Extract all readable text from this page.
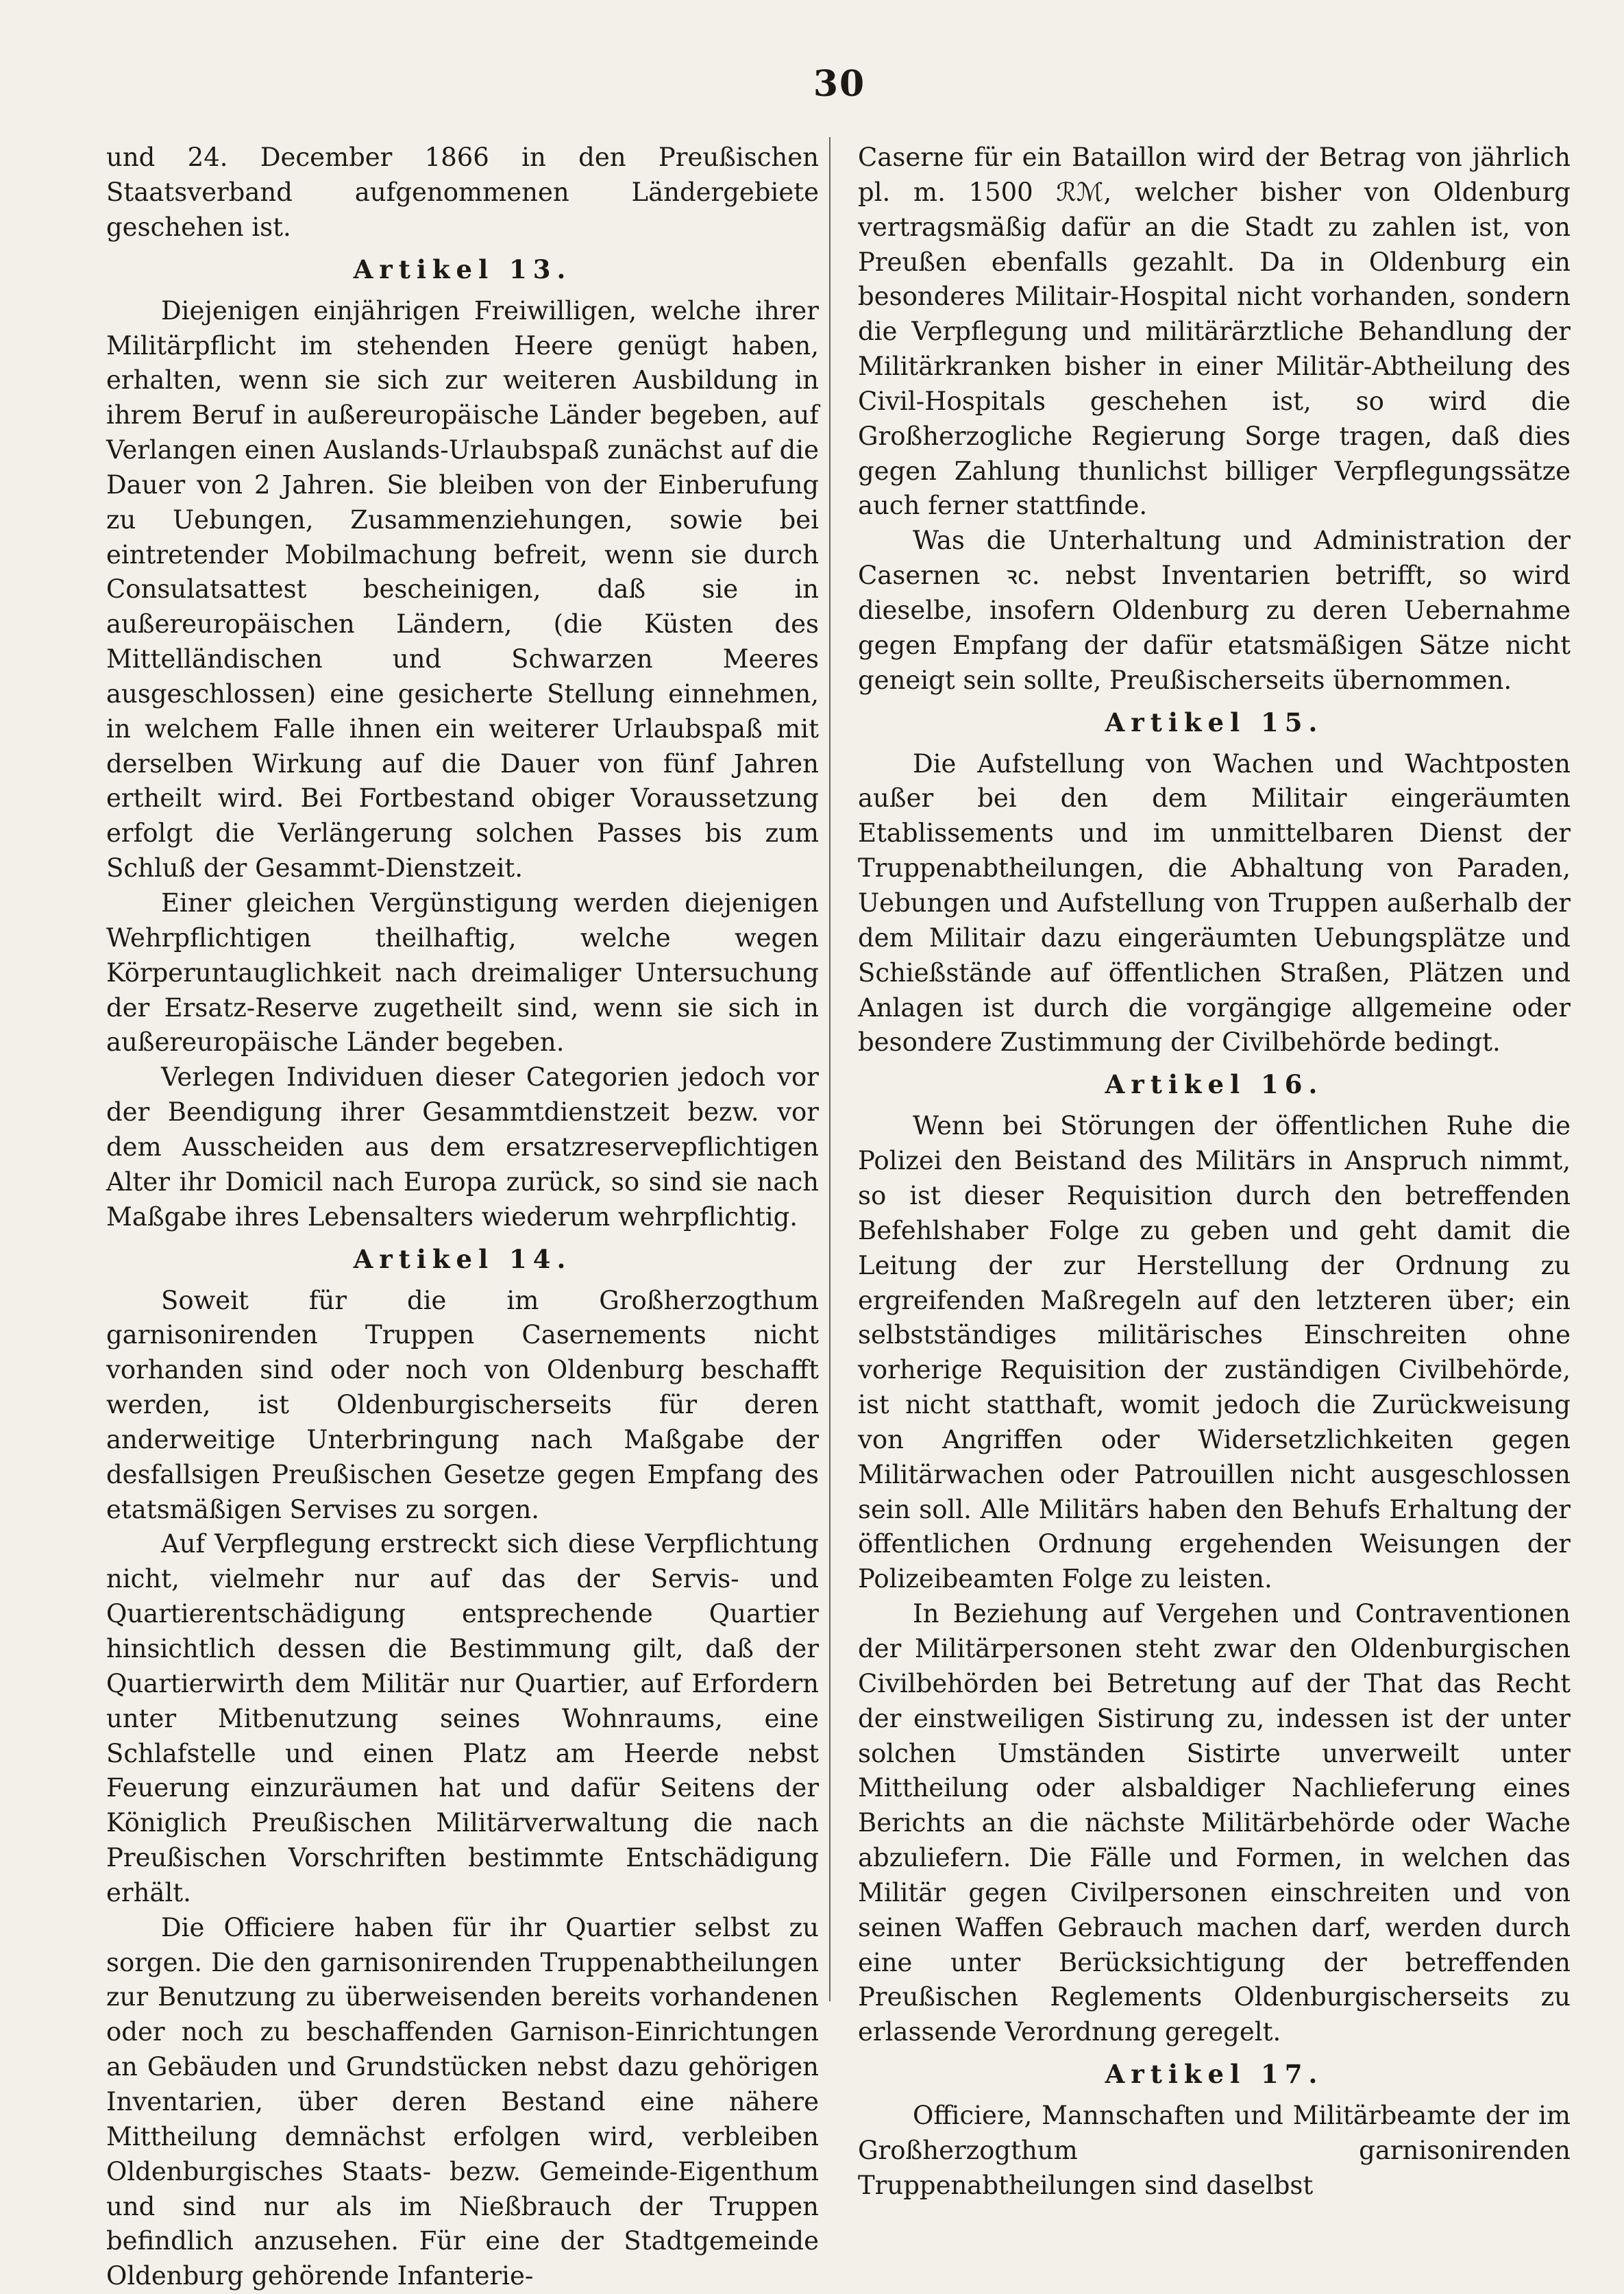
30

und 24. December 1866 in den Preußischen Staatsverband aufgenommenen Ländergebiete geschehen ist.

Artikel 13.

Diejenigen einjährigen Freiwilligen, welche ihrer Militärpflicht im stehenden Heere genügt haben, erhalten, wenn sie sich zur weiteren Ausbildung in ihrem Beruf in außereuropäische Länder begeben, auf Verlangen einen Auslands-Urlaubspaß zunächst auf die Dauer von 2 Jahren. Sie bleiben von der Einberufung zu Uebungen, Zusammenziehungen, sowie bei eintretender Mobilmachung befreit, wenn sie durch Consulatsattest bescheinigen, daß sie in außereuropäischen Ländern, (die Küsten des Mittelländischen und Schwarzen Meeres ausgeschlossen) eine gesicherte Stellung einnehmen, in welchem Falle ihnen ein weiterer Urlaubspaß mit derselben Wirkung auf die Dauer von fünf Jahren ertheilt wird. Bei Fortbestand obiger Voraussetzung erfolgt die Verlängerung solchen Passes bis zum Schluß der Gesammt-Dienstzeit.

Einer gleichen Vergünstigung werden diejenigen Wehrpflichtigen theilhaftig, welche wegen Körperuntauglichkeit nach dreimaliger Untersuchung der Ersatz-Reserve zugetheilt sind, wenn sie sich in außereuropäische Länder begeben.

Verlegen Individuen dieser Categorien jedoch vor der Beendigung ihrer Gesammtdienstzeit bezw. vor dem Ausscheiden aus dem ersatzreservepflichtigen Alter ihr Domicil nach Europa zurück, so sind sie nach Maßgabe ihres Lebensalters wiederum wehrpflichtig.

Artikel 14.

Soweit für die im Großherzogthum garnisonirenden Truppen Casernements nicht vorhanden sind oder noch von Oldenburg beschafft werden, ist Oldenburgischerseits für deren anderweitige Unterbringung nach Maßgabe der desfallsigen Preußischen Gesetze gegen Empfang des etatsmäßigen Servises zu sorgen.

Auf Verpflegung erstreckt sich diese Verpflichtung nicht, vielmehr nur auf das der Servis- und Quartierentschädigung entsprechende Quartier hinsichtlich dessen die Bestimmung gilt, daß der Quartierwirth dem Militär nur Quartier, auf Erfordern unter Mitbenutzung seines Wohnraums, eine Schlafstelle und einen Platz am Heerde nebst Feuerung einzuräumen hat und dafür Seitens der Königlich Preußischen Militärverwaltung die nach Preußischen Vorschriften bestimmte Entschädigung erhält.

Die Officiere haben für ihr Quartier selbst zu sorgen. Die den garnisonirenden Truppenabtheilungen zur Benutzung zu überweisenden bereits vorhandenen oder noch zu beschaffenden Garnison-Einrichtungen an Gebäuden und Grundstücken nebst dazu gehörigen Inventarien, über deren Bestand eine nähere Mittheilung demnächst erfolgen wird, verbleiben Oldenburgisches Staats- bezw. Gemeinde-Eigenthum und sind nur als im Nießbrauch der Truppen befindlich anzusehen. Für eine der Stadtgemeinde Oldenburg gehörende Infanterie-

Caserne für ein Bataillon wird der Betrag von jährlich pl. m. 1500 ℛℳ, welcher bisher von Oldenburg vertragsmäßig dafür an die Stadt zu zahlen ist, von Preußen ebenfalls gezahlt. Da in Oldenburg ein besonderes Militair-Hospital nicht vorhanden, sondern die Verpflegung und militärärztliche Behandlung der Militärkranken bisher in einer Militär-Abtheilung des Civil-Hospitals geschehen ist, so wird die Großherzogliche Regierung Sorge tragen, daß dies gegen Zahlung thunlichst billiger Verpflegungssätze auch ferner stattfinde.

Was die Unterhaltung und Administration der Casernen ꝛc. nebst Inventarien betrifft, so wird dieselbe, insofern Oldenburg zu deren Uebernahme gegen Empfang der dafür etatsmäßigen Sätze nicht geneigt sein sollte, Preußischerseits übernommen.

Artikel 15.

Die Aufstellung von Wachen und Wachtposten außer bei den dem Militair eingeräumten Etablissements und im unmittelbaren Dienst der Truppenabtheilungen, die Abhaltung von Paraden, Uebungen und Aufstellung von Truppen außerhalb der dem Militair dazu eingeräumten Uebungsplätze und Schießstände auf öffentlichen Straßen, Plätzen und Anlagen ist durch die vorgängige allgemeine oder besondere Zustimmung der Civilbehörde bedingt.

Artikel 16.

Wenn bei Störungen der öffentlichen Ruhe die Polizei den Beistand des Militärs in Anspruch nimmt, so ist dieser Requisition durch den betreffenden Befehlshaber Folge zu geben und geht damit die Leitung der zur Herstellung der Ordnung zu ergreifenden Maßregeln auf den letzteren über; ein selbstständiges militärisches Einschreiten ohne vorherige Requisition der zuständigen Civilbehörde, ist nicht statthaft, womit jedoch die Zurückweisung von Angriffen oder Widersetzlichkeiten gegen Militärwachen oder Patrouillen nicht ausgeschlossen sein soll. Alle Militärs haben den Behufs Erhaltung der öffentlichen Ordnung ergehenden Weisungen der Polizeibeamten Folge zu leisten.

In Beziehung auf Vergehen und Contraventionen der Militärpersonen steht zwar den Oldenburgischen Civilbehörden bei Betretung auf der That das Recht der einstweiligen Sistirung zu, indessen ist der unter solchen Umständen Sistirte unverweilt unter Mittheilung oder alsbaldiger Nachlieferung eines Berichts an die nächste Militärbehörde oder Wache abzuliefern. Die Fälle und Formen, in welchen das Militär gegen Civilpersonen einschreiten und von seinen Waffen Gebrauch machen darf, werden durch eine unter Berücksichtigung der betreffenden Preußischen Reglements Oldenburgischerseits zu erlassende Verordnung geregelt.

Artikel 17.

Officiere, Mannschaften und Militärbeamte der im Großherzogthum garnisonirenden Truppenabtheilungen sind daselbst
